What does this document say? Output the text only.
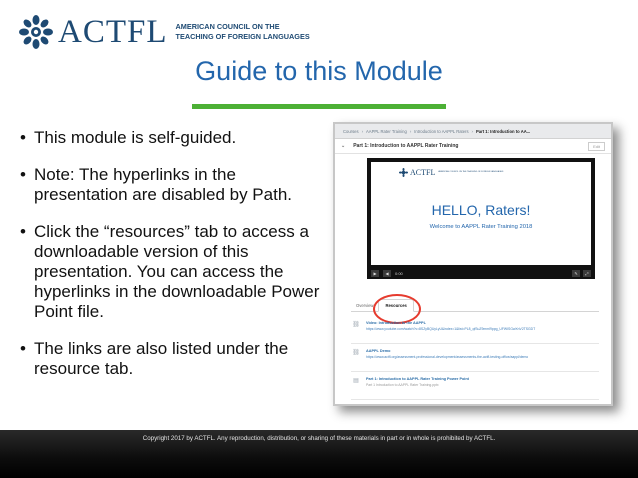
ACTFL AMERICAN COUNCIL ON THE
TEACHING OF FOREIGN LANGUAGES
Guide to this Module
• This module is self-guided.
• Note: The hyperlinks in the presentation are disabled by Path.
• Click the “resources” tab to access a downloadable version of this presentation. You can access the hyperlinks in the downloadable Power Point file.
• The links are also listed under the resource tab.
Courses › AAPPL Rater Training › Introduction to AAPPL Raters › Part 1: Introduction to AA...
⌄ Part 1: Introduction to AAPPL Rater Training	Edit
ACTFL AMERICAN COUNCIL ON THE TEACHING OF FOREIGN LANGUAGES
HELLO, Raters!
Welcome to AAPPL Rater Training 2018
▶	◀	0:00	✎	⤢
Overview	Resources
⛓	Video: Introduction to the AAPPL
https://www.youtube.com/watch?v=8SZyBQUyLyU&index=1&list=PL8_qfSuZ9mmI9ppg_UFWISGwXnV2TSGDT
⛓	AAPPL Demo
https://www.actfl.org/assessment-professional-development/assessments-the-actfl-testing-office/aappl/demo
▤	Part 1: Introduction to AAPPL Rater Training Power Point
Part 1 Introduction to AAPPL Rater Training.pptx
Copyright 2017 by ACTFL. Any reproduction, distribution, or sharing of these materials in part or in whole is prohibited by ACTFL.
